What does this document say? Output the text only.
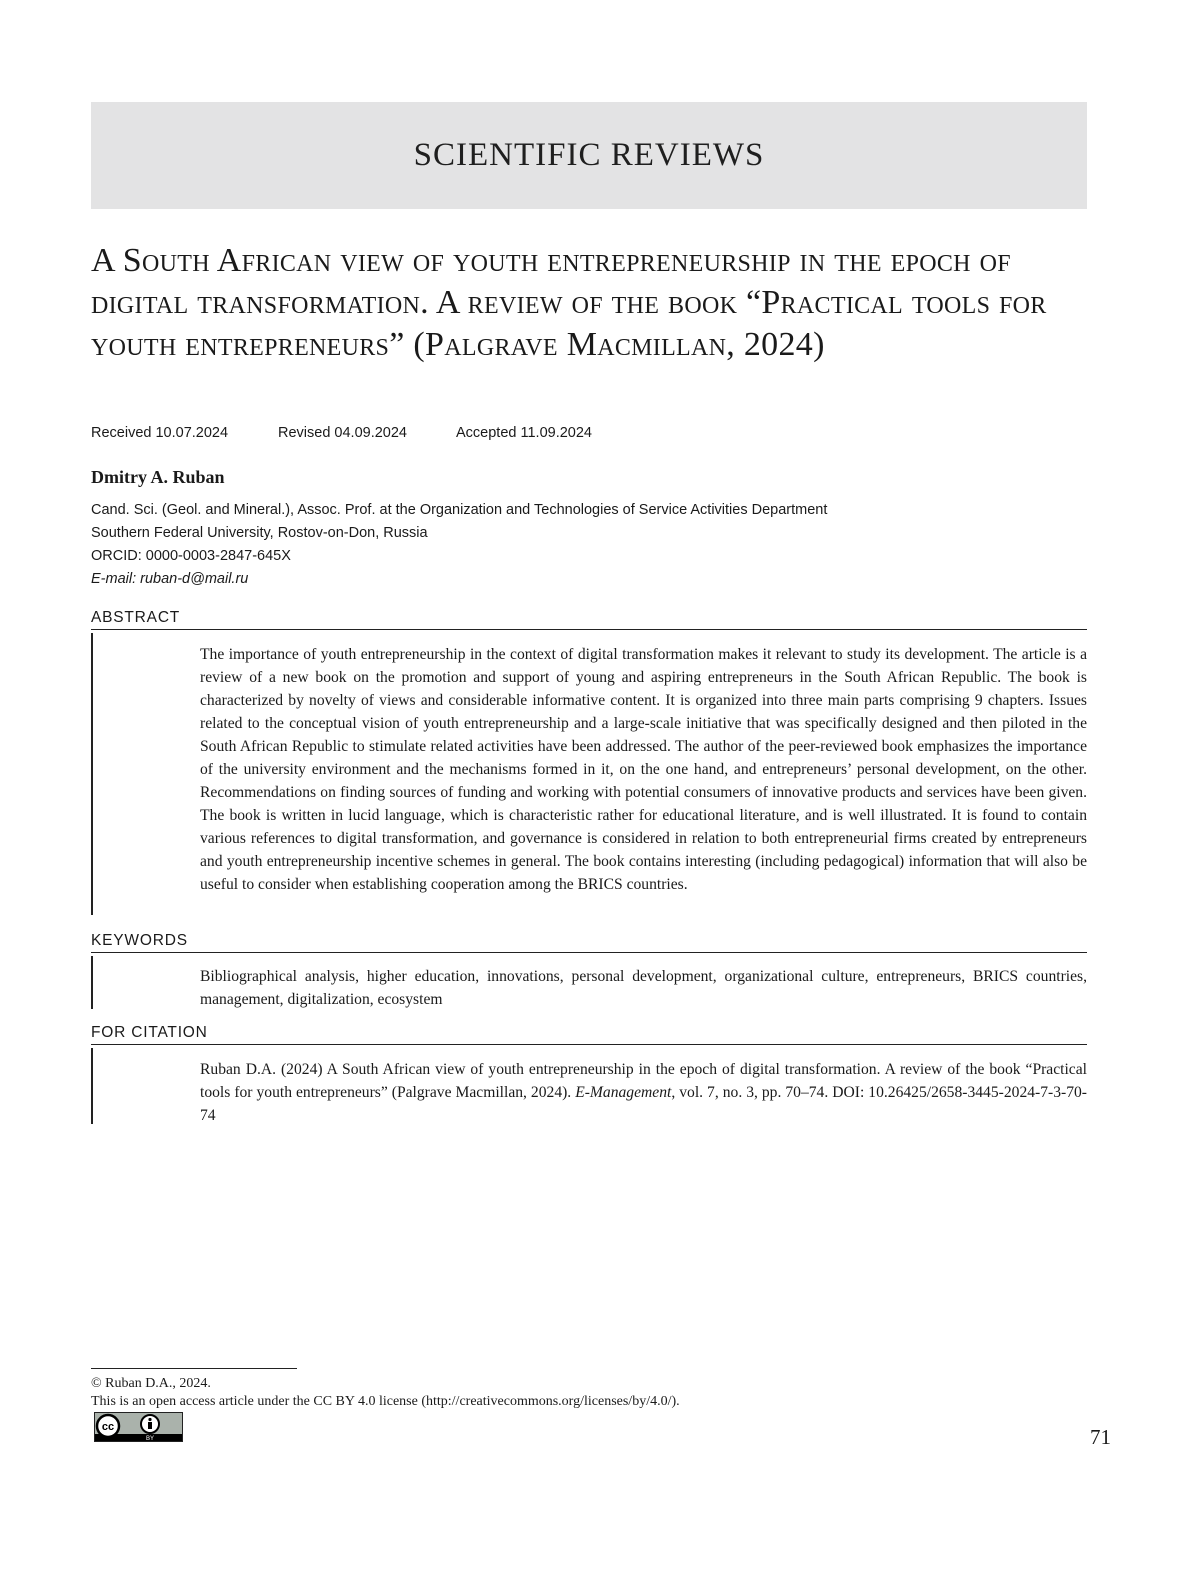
SCIENTIFIC REVIEWS
A South African view of youth entrepreneurship in the epoch of digital transformation. A review of the book “Practical tools for youth entrepreneurs” (Palgrave Macmillan, 2024)
Received 10.07.2024	Revised 04.09.2024	Accepted 11.09.2024
Dmitry A. Ruban
Cand. Sci. (Geol. and Mineral.), Assoc. Prof. at the Organization and Technologies of Service Activities Department
Southern Federal University, Rostov-on-Don, Russia
ORCID: 0000-0003-2847-645X
E-mail: ruban-d@mail.ru
ABSTRACT
The importance of youth entrepreneurship in the context of digital transformation makes it relevant to study its development. The article is a review of a new book on the promotion and support of young and aspiring entrepreneurs in the South African Republic. The book is characterized by novelty of views and considerable informative content. It is organized into three main parts comprising 9 chapters. Issues related to the conceptual vision of youth entrepreneurship and a large-scale initiative that was specifically designed and then piloted in the South African Republic to stimulate related activities have been addressed. The author of the peer-reviewed book emphasizes the importance of the university environment and the mechanisms formed in it, on the one hand, and entrepreneurs’ personal development, on the other. Recommendations on finding sources of funding and working with potential consumers of innovative products and services have been given. The book is written in lucid language, which is characteristic rather for educational literature, and is well illustrated. It is found to contain various references to digital transformation, and governance is considered in relation to both entrepreneurial firms created by entrepreneurs and youth entrepreneurship incentive schemes in general. The book contains interesting (including pedagogical) information that will also be useful to consider when establishing cooperation among the BRICS countries.
KEYWORDS
Bibliographical analysis, higher education, innovations, personal development, organizational culture, entrepreneurs, BRICS countries, management, digitalization, ecosystem
FOR CITATION
Ruban D.A. (2024) A South African view of youth entrepreneurship in the epoch of digital transformation. A review of the book “Practical tools for youth entrepreneurs” (Palgrave Macmillan, 2024). E-Management, vol. 7, no. 3, pp. 70–74. DOI: 10.26425/2658-3445-2024-7-3-70-74
© Ruban D.A., 2024.
This is an open access article under the CC BY 4.0 license (http://creativecommons.org/licenses/by/4.0/).
cc
BY	71
